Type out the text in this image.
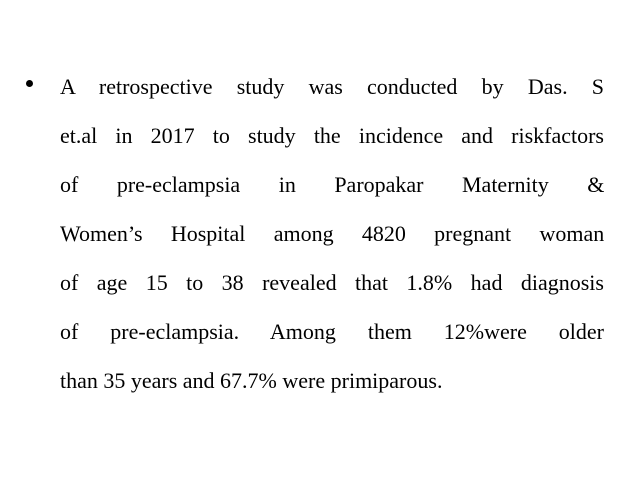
A retrospective study was conducted by Das. S
et.al in 2017 to study the incidence and riskfactors
of pre-eclampsia in Paropakar Maternity &
Women’s Hospital among 4820 pregnant woman
of age 15 to 38 revealed that 1.8% had diagnosis
of pre-eclampsia. Among them 12%were older
than 35 years and 67.7% were primiparous.
